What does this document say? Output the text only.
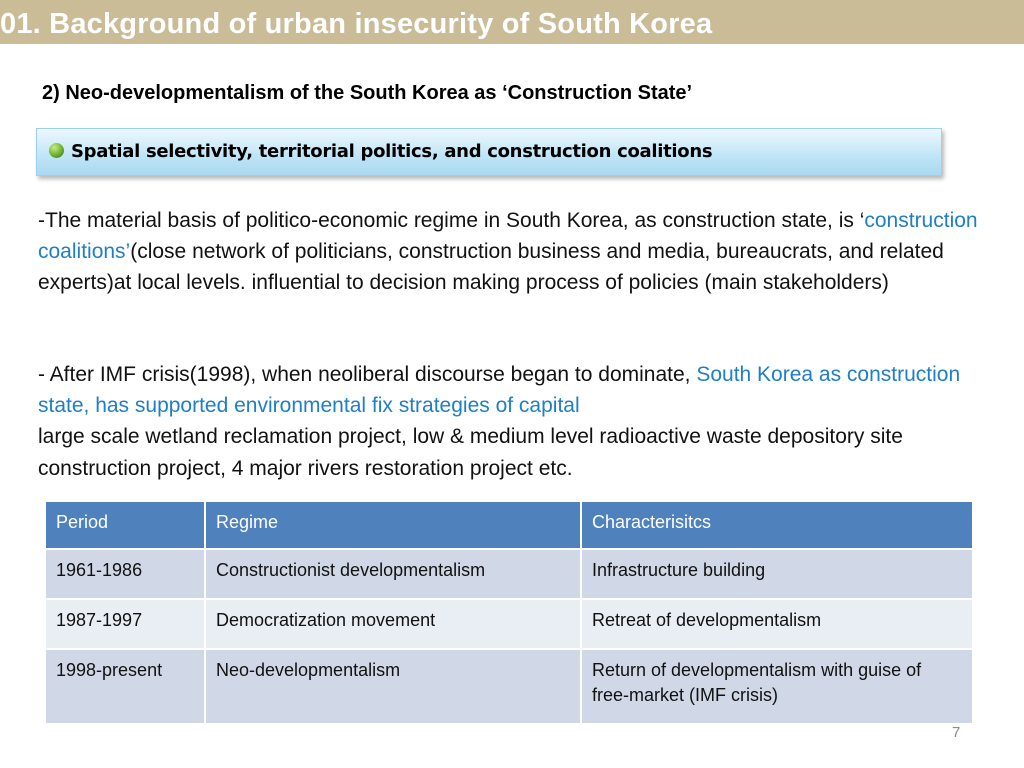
01. Background of urban insecurity of South Korea
2) Neo-developmentalism of the South Korea as ‘Construction State’
Spatial selectivity, territorial politics, and construction coalitions
-The material basis of politico-economic regime in South Korea, as construction state, is ‘construction coalitions’(close network of politicians, construction business and media, bureaucrats, and related experts)at local levels. influential to decision making process of policies (main stakeholders)
- After IMF crisis(1998), when neoliberal discourse began to dominate, South Korea as construction state, has supported environmental fix strategies of capital
large scale wetland reclamation project, low & medium level radioactive waste depository site construction project, 4 major rivers restoration project etc.
Period	Regime	Characterisitcs
1961-1986	Constructionist developmentalism	Infrastructure building
1987-1997	Democratization movement	Retreat of developmentalism
1998-present	Neo-developmentalism	Return of developmentalism with guise of free-market (IMF crisis)
7
